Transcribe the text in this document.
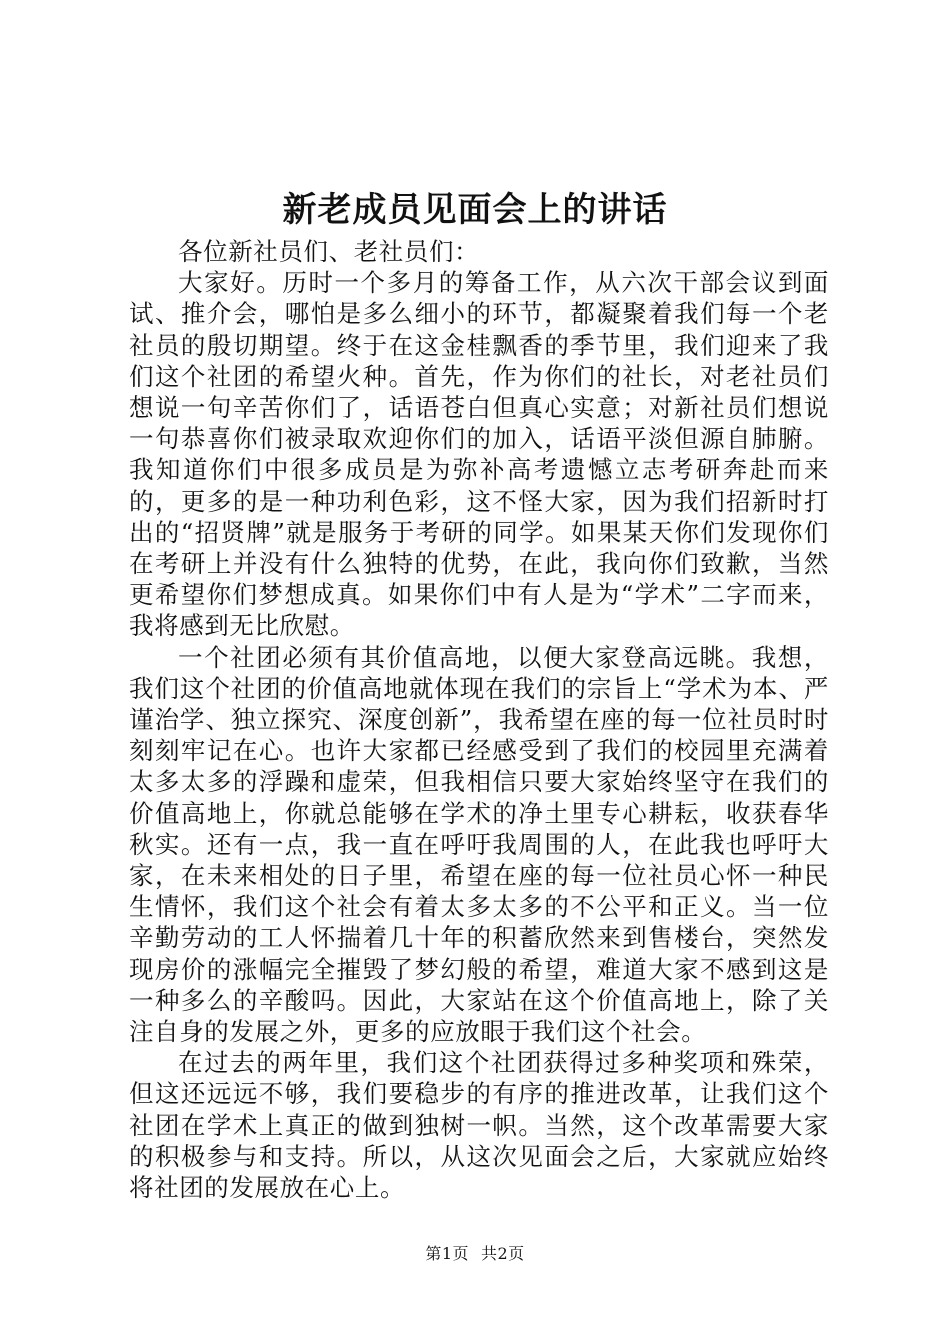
新老成员见面会上的讲话

各位新社员们、老社员们：

大家好。历时一个多月的筹备工作，从六次干部会议到面试、推介会，哪怕是多么细小的环节，都凝聚着我们每一个老社员的殷切期望。终于在这金桂飘香的季节里，我们迎来了我们这个社团的希望火种。首先，作为你们的社长，对老社员们想说一句辛苦你们了，话语苍白但真心实意；对新社员们想说一句恭喜你们被录取欢迎你们的加入，话语平淡但源自肺腑。我知道你们中很多成员是为弥补高考遗憾立志考研奔赴而来的，更多的是一种功利色彩，这不怪大家，因为我们招新时打出的“招贤牌”就是服务于考研的同学。如果某天你们发现你们在考研上并没有什么独特的优势，在此，我向你们致歉，当然更希望你们梦想成真。如果你们中有人是为“学术”二字而来，我将感到无比欣慰。

一个社团必须有其价值高地，以便大家登高远眺。我想，我们这个社团的价值高地就体现在我们的宗旨上“学术为本、严谨治学、独立探究、深度创新”，我希望在座的每一位社员时时刻刻牢记在心。也许大家都已经感受到了我们的校园里充满着太多太多的浮躁和虚荣，但我相信只要大家始终坚守在我们的价值高地上，你就总能够在学术的净土里专心耕耘，收获春华秋实。还有一点，我一直在呼吁我周围的人，在此我也呼吁大家，在未来相处的日子里，希望在座的每一位社员心怀一种民生情怀，我们这个社会有着太多太多的不公平和正义。当一位辛勤劳动的工人怀揣着几十年的积蓄欣然来到售楼台，突然发现房价的涨幅完全摧毁了梦幻般的希望，难道大家不感到这是一种多么的辛酸吗。因此，大家站在这个价值高地上，除了关注自身的发展之外，更多的应放眼于我们这个社会。

在过去的两年里，我们这个社团获得过多种奖项和殊荣，但这还远远不够，我们要稳步的有序的推进改革，让我们这个社团在学术上真正的做到独树一帜。当然，这个改革需要大家的积极参与和支持。所以，从这次见面会之后，大家就应始终将社团的发展放在心上。

第1页 共2页
